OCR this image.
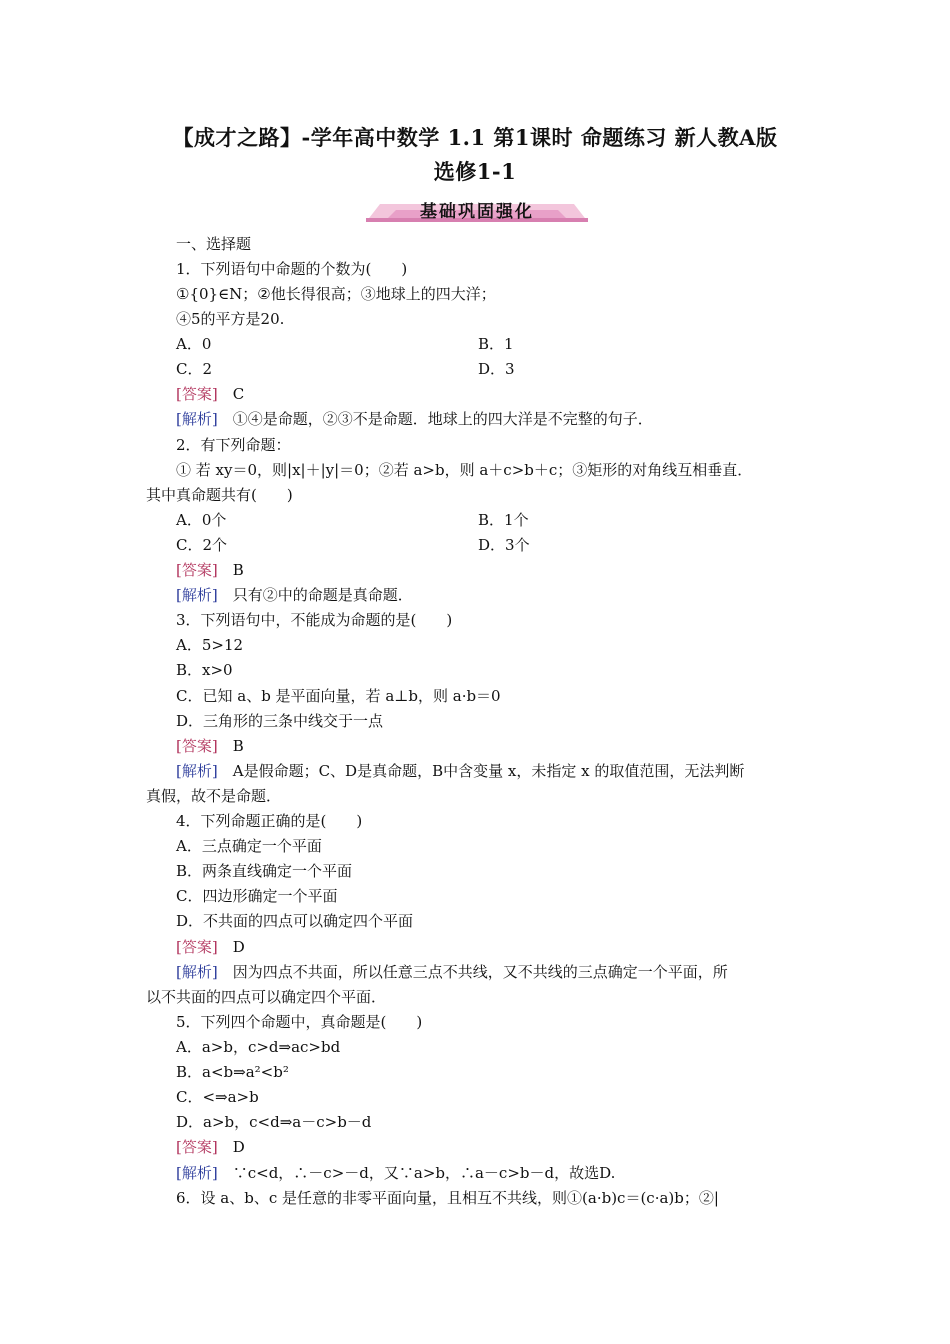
【成才之路】-学年高中数学 1.1 第1课时 命题练习 新人教A版
选修1-1
基础巩固强化
一、选择题
1．下列语句中命题的个数为(　　)
①{0}∈N；②他长得很高；③地球上的四大洋；
④5的平方是20.
A．0	B．1
C．2	D．3
[答案]　 C
[解析]　 ①④是命题，②③不是命题．地球上的四大洋是不完整的句子．
2．有下列命题：
① 若 xy＝0，则|x|＋|y|＝0；②若 a>b，则 a＋c>b＋c；③矩形的对角线互相垂直．
其中真命题共有(　　)
A．0个	B．1个
C．2个	D．3个
[答案]　 B
[解析]　 只有②中的命题是真命题．
3．下列语句中，不能成为命题的是(　　)
A．5>12
B．x>0
C．已知 a、b 是平面向量，若 a⊥b，则 a·b＝0
D．三角形的三条中线交于一点
[答案]　 B
[解析]　 A是假命题；C、D是真命题，B中含变量 x，未指定 x 的取值范围，无法判断
真假，故不是命题．
4．下列命题正确的是(　　)
A．三点确定一个平面
B．两条直线确定一个平面
C．四边形确定一个平面
D．不共面的四点可以确定四个平面
[答案]　 D
[解析]　 因为四点不共面，所以任意三点不共线，又不共线的三点确定一个平面，所
以不共面的四点可以确定四个平面．
5．下列四个命题中，真命题是(　　)
A．a>b，c>d⇒ac>bd
B．a<b⇒a²<b²
C．<⇒a>b
D．a>b，c<d⇒a－c>b－d
[答案]　 D
[解析]　 ∵c<d，∴－c>－d，又∵a>b，∴a－c>b－d，故选D.
6．设 a、b、c 是任意的非零平面向量，且相互不共线，则①(a·b)c＝(c·a)b；②|
